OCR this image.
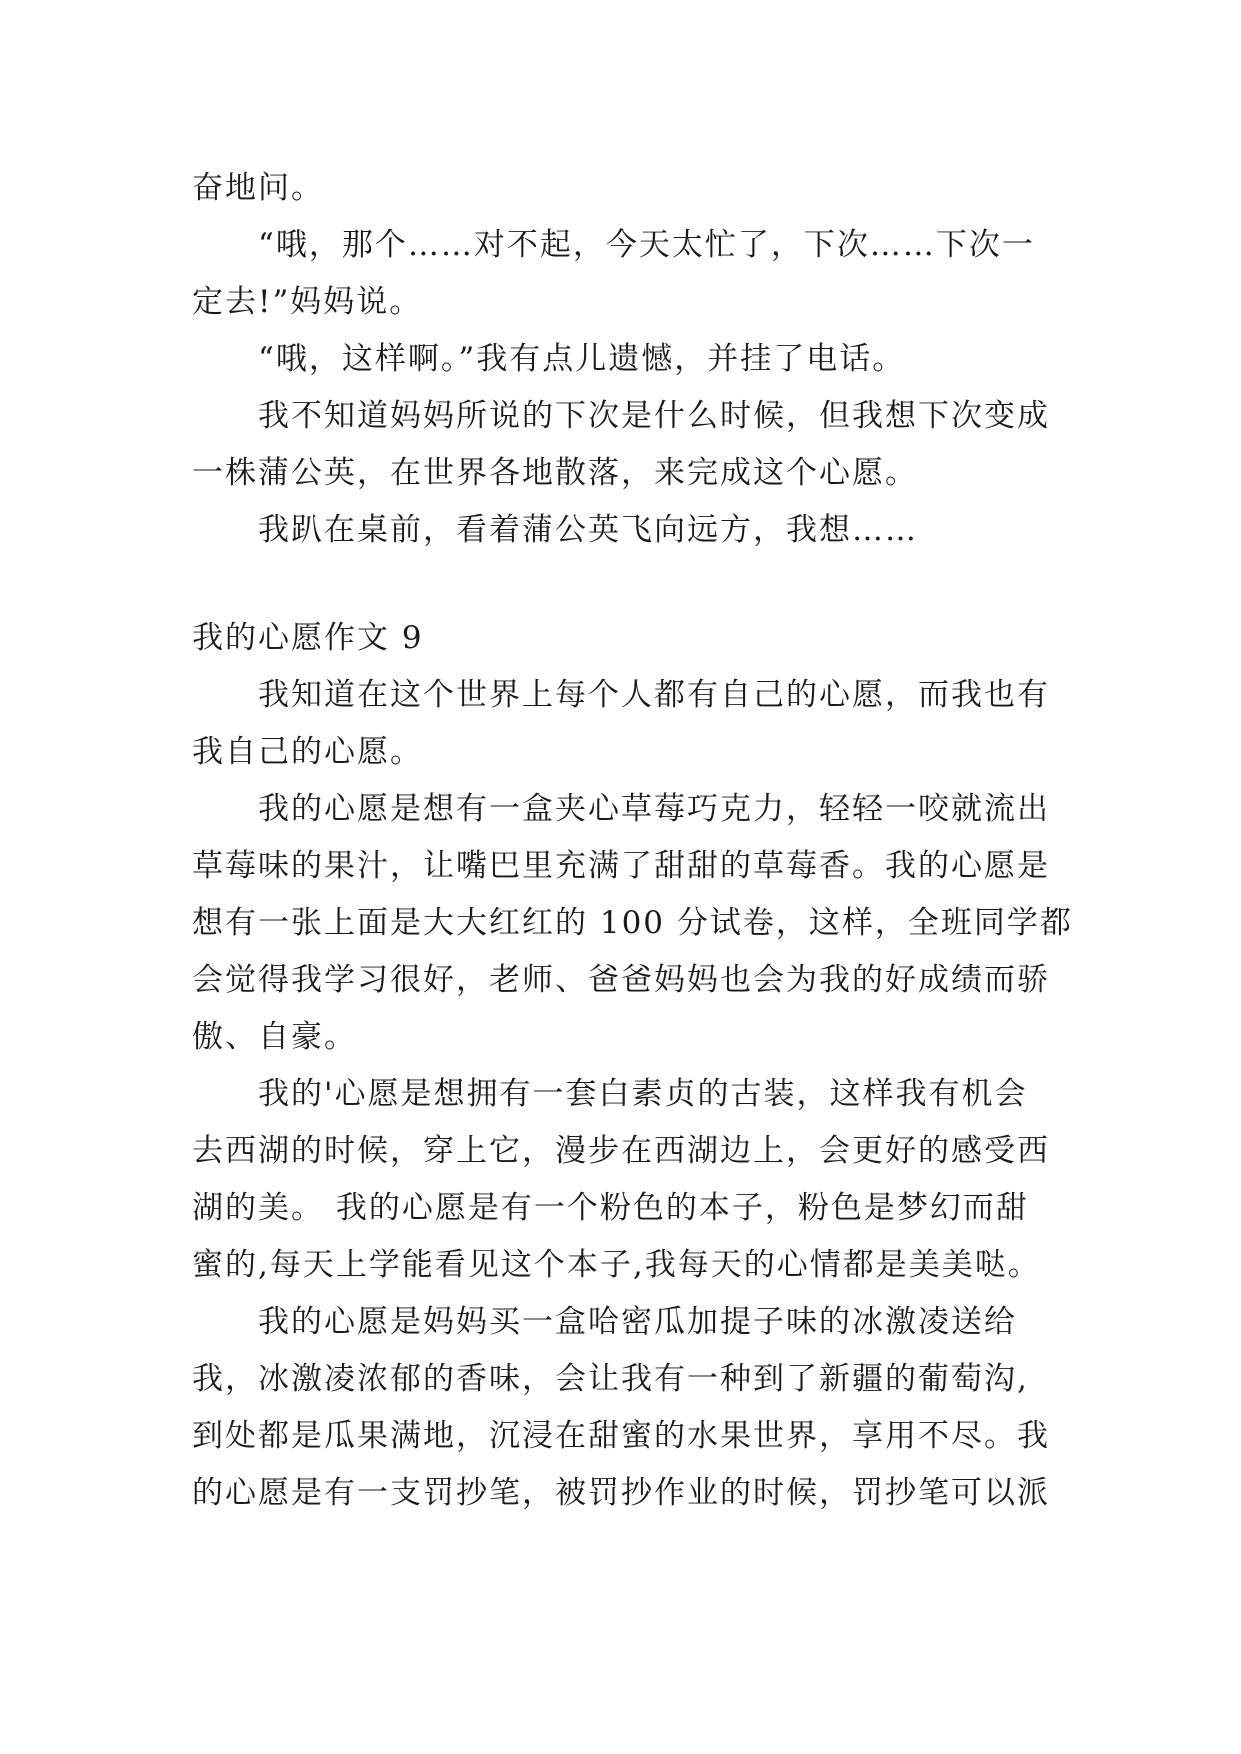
奋地问。
“哦，那个……对不起，今天太忙了，下次……下次一
定去!”妈妈说。
“哦，这样啊。”我有点儿遗憾，并挂了电话。
我不知道妈妈所说的下次是什么时候，但我想下次变成
一株蒲公英，在世界各地散落，来完成这个心愿。
我趴在桌前，看着蒲公英飞向远方，我想……
我的心愿作文 9
我知道在这个世界上每个人都有自己的心愿，而我也有
我自己的心愿。
我的心愿是想有一盒夹心草莓巧克力，轻轻一咬就流出
草莓味的果汁，让嘴巴里充满了甜甜的草莓香。我的心愿是
想有一张上面是大大红红的 100 分试卷，这样，全班同学都
会觉得我学习很好，老师、爸爸妈妈也会为我的好成绩而骄
傲、自豪。
我的'心愿是想拥有一套白素贞的古装，这样我有机会
去西湖的时候，穿上它，漫步在西湖边上，会更好的感受西
湖的美。 我的心愿是有一个粉色的本子，粉色是梦幻而甜
蜜的,每天上学能看见这个本子,我每天的心情都是美美哒。
我的心愿是妈妈买一盒哈密瓜加提子味的冰激凌送给
我，冰激凌浓郁的香味，会让我有一种到了新疆的葡萄沟,
到处都是瓜果满地，沉浸在甜蜜的水果世界，享用不尽。我
的心愿是有一支罚抄笔，被罚抄作业的时候，罚抄笔可以派
